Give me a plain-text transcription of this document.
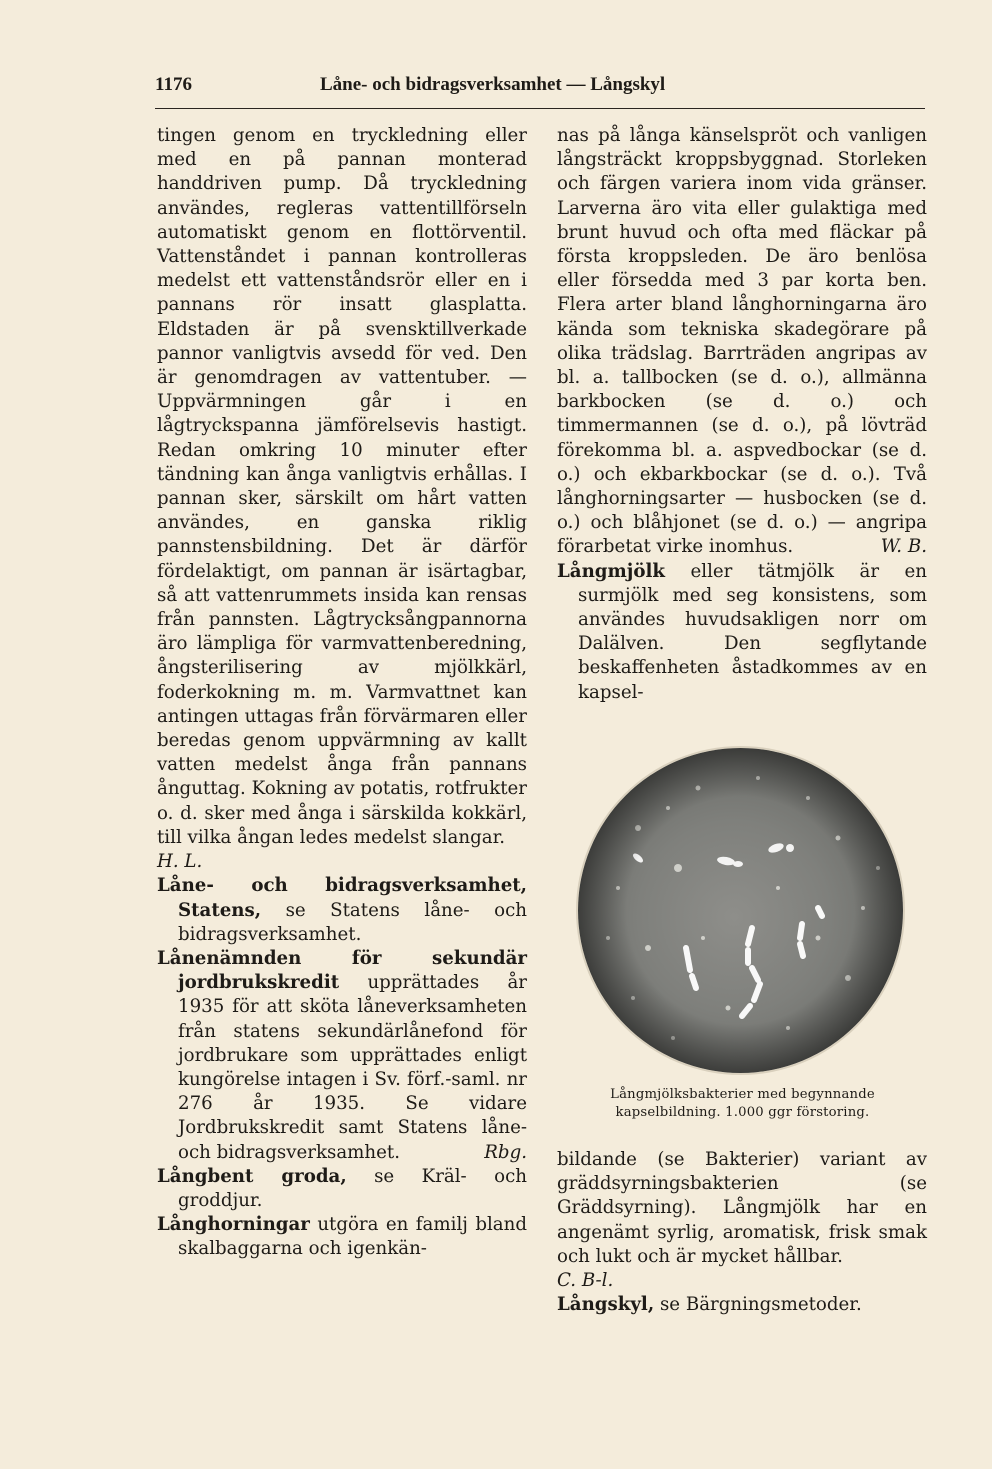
1176	Låne- och bidragsverksamhet — Långskyl

tingen genom en tryckledning eller med en på pannan monterad handdriven pump. Då tryckledning användes, regleras vattentillförseln automatiskt genom en flottörventil. Vattenståndet i pannan kontrolleras medelst ett vattenståndsrör eller en i pannans rör insatt glasplatta. Eldstaden är på svensktillverkade pannor vanligtvis avsedd för ved. Den är genomdragen av vattentuber. — Uppvärmningen går i en lågtryckspanna jämförelsevis hastigt. Redan omkring 10 minuter efter tändning kan ånga vanligtvis erhållas. I pannan sker, särskilt om hårt vatten användes, en ganska riklig pannstensbildning. Det är därför fördelaktigt, om pannan är isärtagbar, så att vattenrummets insida kan rensas från pannsten. Lågtrycksångpannorna äro lämpliga för varmvattenberedning, ångsterilisering av mjölkkärl, foderkokning m. m. Varmvattnet kan antingen uttagas från förvärmaren eller beredas genom uppvärmning av kallt vatten medelst ånga från pannans ånguttag. Kokning av potatis, rotfrukter o. d. sker med ånga i särskilda kokkärl, till vilka ångan ledes medelst slangar.

H. L.

Låne- och bidragsverksamhet, Statens, se Statens låne- och bidragsverksamhet.

Lånenämnden för sekundär jordbrukskredit upprättades år 1935 för att sköta låneverksamheten från statens sekundärlånefond för jordbrukare som upprättades enligt kungörelse intagen i Sv. förf.-saml. nr 276 år 1935. Se vidare Jordbrukskredit samt Statens låne- och bidragsverksamhet.	Rbg.

Långbent groda, se Kräl- och groddjur.

Långhorningar utgöra en familj bland skalbaggarna och igenkän-

nas på långa känselspröt och vanligen långsträckt kroppsbyggnad. Storleken och färgen variera inom vida gränser. Larverna äro vita eller gulaktiga med brunt huvud och ofta med fläckar på första kroppsleden. De äro benlösa eller försedda med 3 par korta ben. Flera arter bland långhorningarna äro kända som tekniska skadegörare på olika trädslag. Barrträden angripas av bl. a. tallbocken (se d. o.), allmänna barkbocken (se d. o.) och timmermannen (se d. o.), på lövträd förekomma bl. a. aspvedbockar (se d. o.) och ekbarkbockar (se d. o.). Två långhorningsarter — husbocken (se d. o.) och blåhjonet (se d. o.) — angripa förarbetat virke inomhus.	W. B.

Långmjölk eller tätmjölk är en surmjölk med seg konsistens, som användes huvudsakligen norr om Dalälven. Den segflytande beskaffenheten åstadkommes av en kapsel-

Långmjölksbakterier med begynnande kapselbildning. 1.000 ggr förstoring.

bildande (se Bakterier) variant av gräddsyrningsbakterien (se Gräddsyrning). Långmjölk har en angenämt syrlig, aromatisk, frisk smak och lukt och är mycket hållbar.

C. B-l.

Långskyl, se Bärgningsmetoder.
